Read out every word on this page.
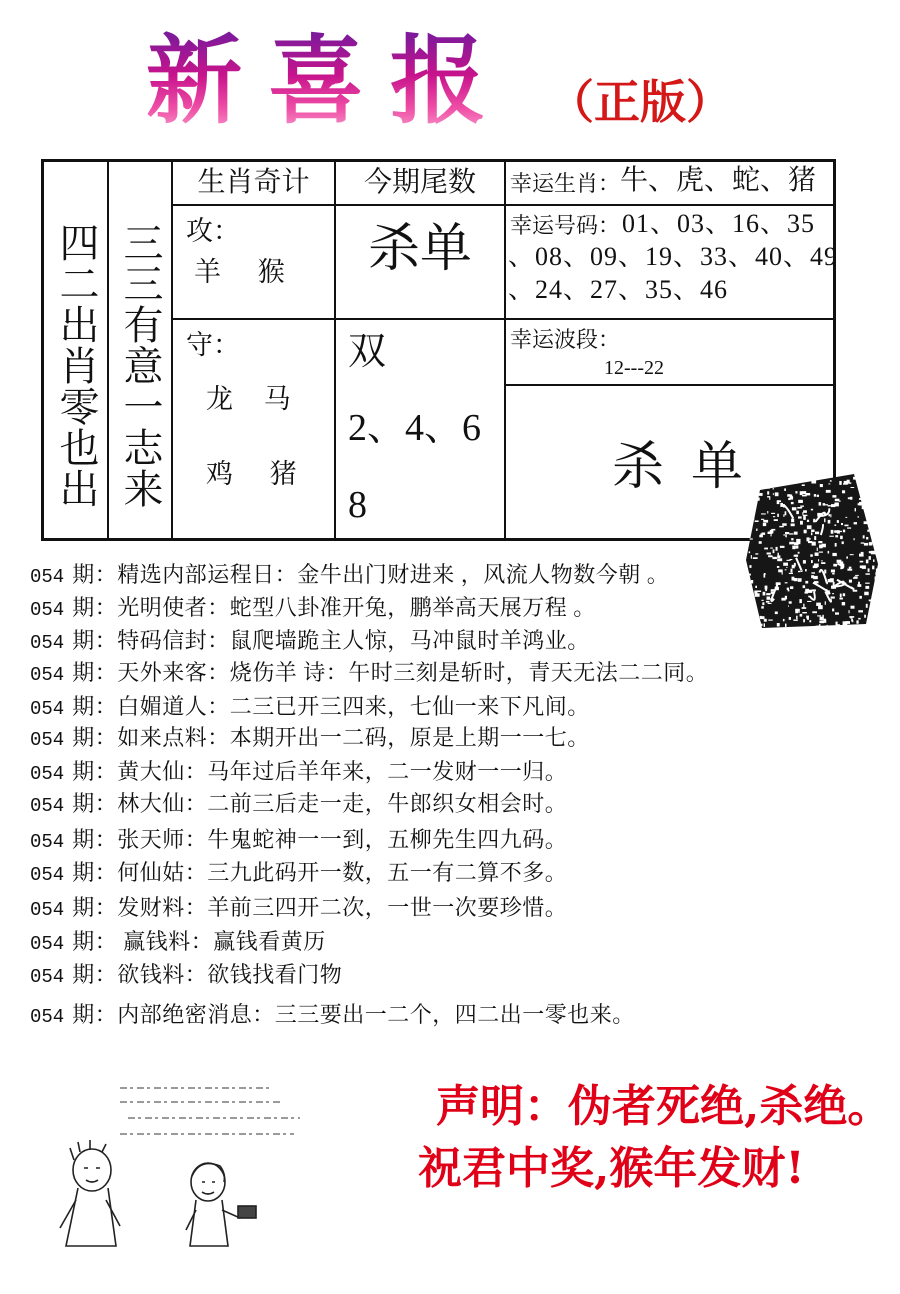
新喜报 （正版）
四二出肖零也出 三三有意一志来
生肖奇计
攻：
羊 猴
守：
龙 马
鸡 猪
今期尾数
杀单
双
2、4、6
8
幸运生肖： 牛、虎、蛇、猪
幸运号码： 01、03、16、35
、08、09、19、33、40、49
、24、27、35、46
幸运波段：
12---22
杀 单
054 期：精选内部运程日：金牛出门财进来 ，风流人物数今朝 。
054 期：光明使者：蛇型八卦准开兔，鹏举高天展万程 。
054 期：特码信封：鼠爬墙跪主人惊，马冲鼠时羊鸿业。
054 期：天外来客：烧伤羊 诗：午时三刻是斩时，青天无法二二同。
054 期：白媚道人：二三已开三四来，七仙一来下凡间。
054 期：如来点料：本期开出一二码，原是上期一一七。
054 期：黄大仙：马年过后羊年来，二一发财一一归。
054 期：林大仙：二前三后走一走，牛郎织女相会时。
054 期：张天师：牛鬼蛇神一一到，五柳先生四九码。
054 期：何仙姑：三九此码开一数，五一有二算不多。
054 期：发财料：羊前三四开二次，一世一次要珍惜。
054 期： 赢钱料：赢钱看黄历
054 期：欲钱料：欲钱找看门物
054 期：内部绝密消息：三三要出一二个，四二出一零也来。
声明：伪者死绝,杀绝。
祝君中奖,猴年发财!
